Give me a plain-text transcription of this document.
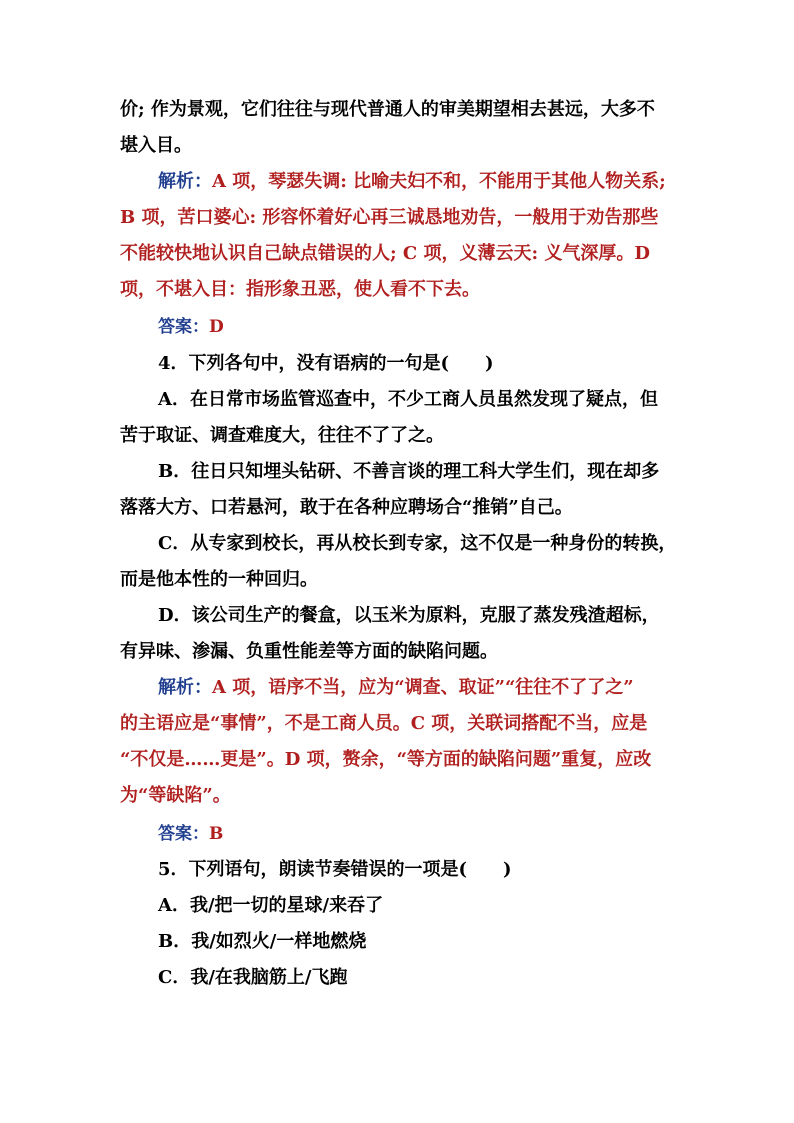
价; 作为景观，它们往往与现代普通人的审美期望相去甚远，大多不
堪入目。
解析：A 项，琴瑟失调: 比喻夫妇不和，不能用于其他人物关系;
B 项，苦口婆心: 形容怀着好心再三诚恳地劝告，一般用于劝告那些
不能较快地认识自己缺点错误的人; C 项，义薄云天: 义气深厚。D
项，不堪入目：指形象丑恶，使人看不下去。
答案：D
4．下列各句中，没有语病的一句是(　　)
A．在日常市场监管巡查中，不少工商人员虽然发现了疑点，但
苦于取证、调查难度大，往往不了了之。
B．往日只知埋头钻研、不善言谈的理工科大学生们，现在却多
落落大方、口若悬河，敢于在各种应聘场合“推销”自己。
C．从专家到校长，再从校长到专家，这不仅是一种身份的转换，
而是他本性的一种回归。
D．该公司生产的餐盒，以玉米为原料，克服了蒸发残渣超标，
有异味、渗漏、负重性能差等方面的缺陷问题。
解析：A 项，语序不当，应为“调查、取证”“往往不了了之”
的主语应是“事情”，不是工商人员。C 项，关联词搭配不当，应是
“不仅是……更是”。D 项，赘余，“等方面的缺陷问题”重复，应改
为“等缺陷”。
答案：B
5．下列语句，朗读节奏错误的一项是(　　)
A．我/把一切的星球/来吞了
B．我/如烈火/一样地燃烧
C．我/在我脑筋上/飞跑
